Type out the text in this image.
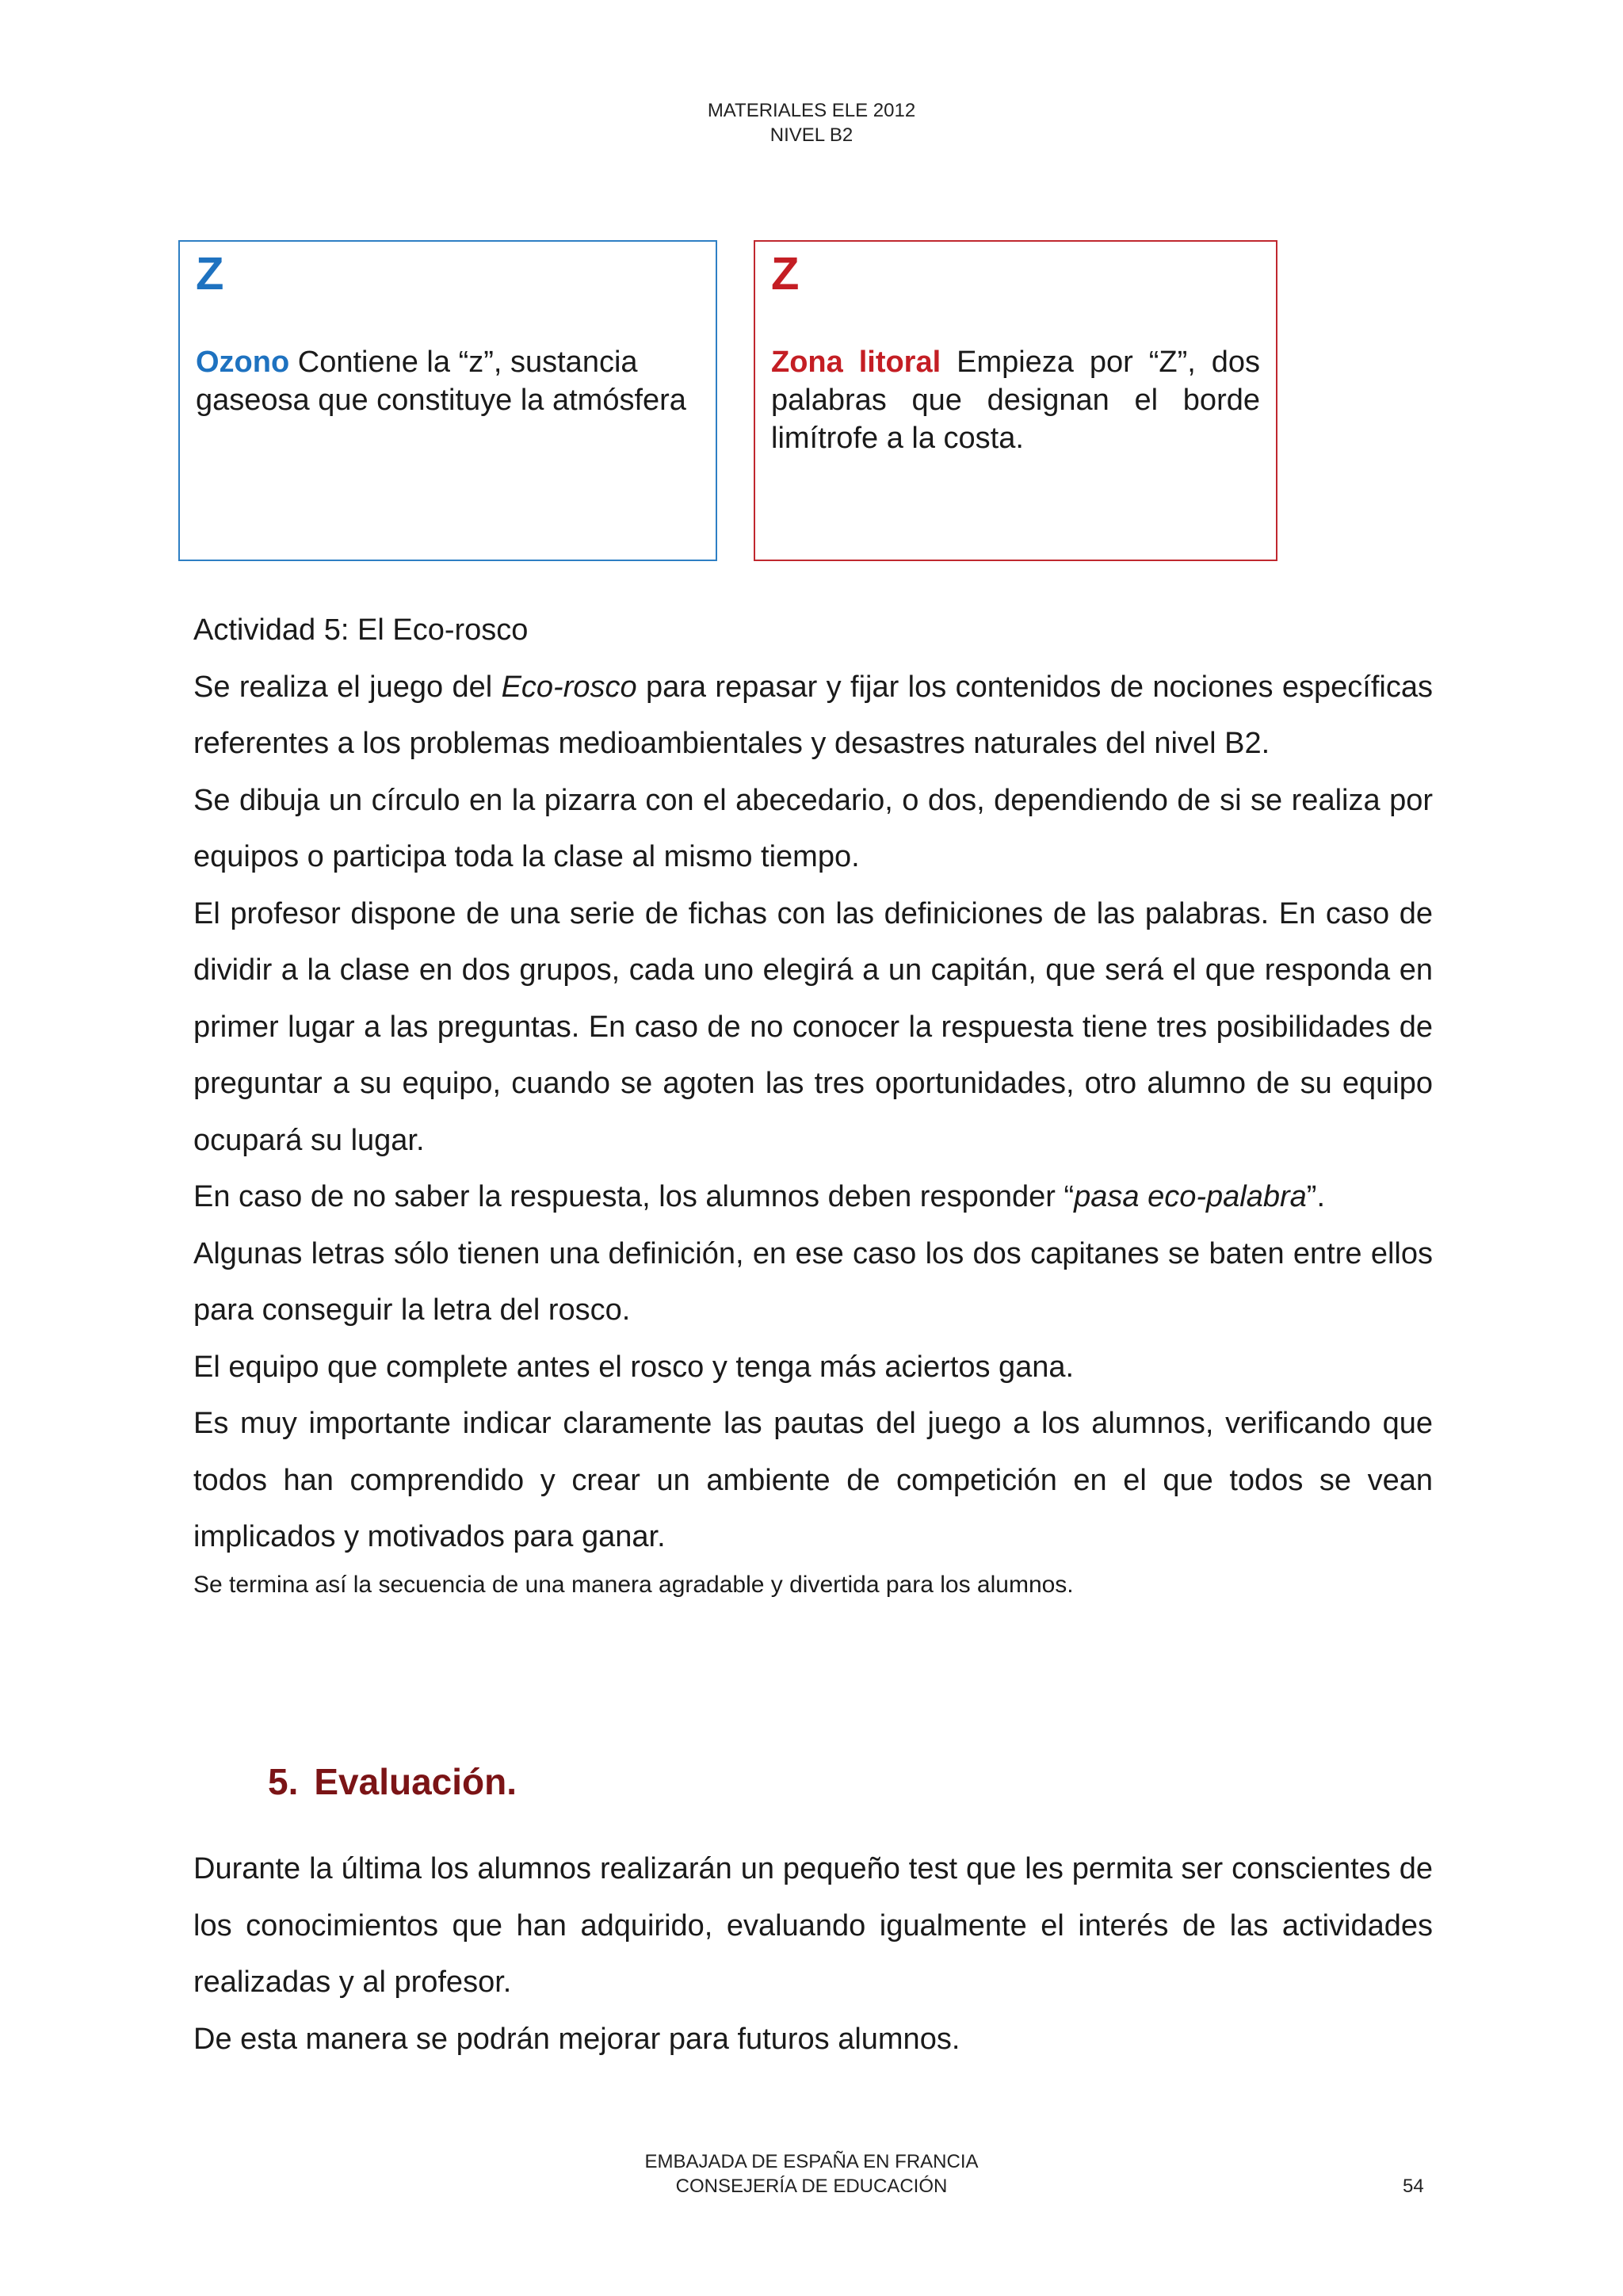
MATERIALES ELE 2012
NIVEL B2
Z
Ozono Contiene la “z”, sustancia gaseosa que constituye la atmósfera
Z
Zona litoral Empieza por “Z”, dos palabras que designan el borde limítrofe a la costa.

Actividad 5: El Eco-rosco

Se realiza el juego del Eco-rosco para repasar y fijar los contenidos de nociones específicas referentes a los problemas medioambientales y desastres naturales del nivel B2.

Se dibuja un círculo en la pizarra con el abecedario, o dos, dependiendo de si se realiza por equipos o participa toda la clase al mismo tiempo.

El profesor dispone de una serie de fichas con las definiciones de las palabras. En caso de dividir a la clase en dos grupos, cada uno elegirá a un capitán, que será el que responda en primer lugar a las preguntas. En caso de no conocer la respuesta tiene tres posibilidades de preguntar a su equipo, cuando se agoten las tres oportunidades, otro alumno de su equipo ocupará su lugar.

En caso de no saber la respuesta, los alumnos deben responder “pasa eco-palabra”.

Algunas letras sólo tienen una definición, en ese caso los dos capitanes se baten entre ellos para conseguir la letra del rosco.

El equipo que complete antes el rosco y tenga más aciertos gana.

Es muy importante indicar claramente las pautas del juego a los alumnos, verificando que todos han comprendido y crear un ambiente de competición en el que todos se vean implicados y motivados para ganar.

Se termina así la secuencia de una manera agradable y divertida para los alumnos.

5. Evaluación.

Durante la última los alumnos realizarán un pequeño test que les permita ser conscientes de los conocimientos que han adquirido, evaluando igualmente el interés de las actividades realizadas y al profesor.

De esta manera se podrán mejorar para futuros alumnos.

EMBAJADA DE ESPAÑA EN FRANCIA
CONSEJERÍA DE EDUCACIÓN	54
